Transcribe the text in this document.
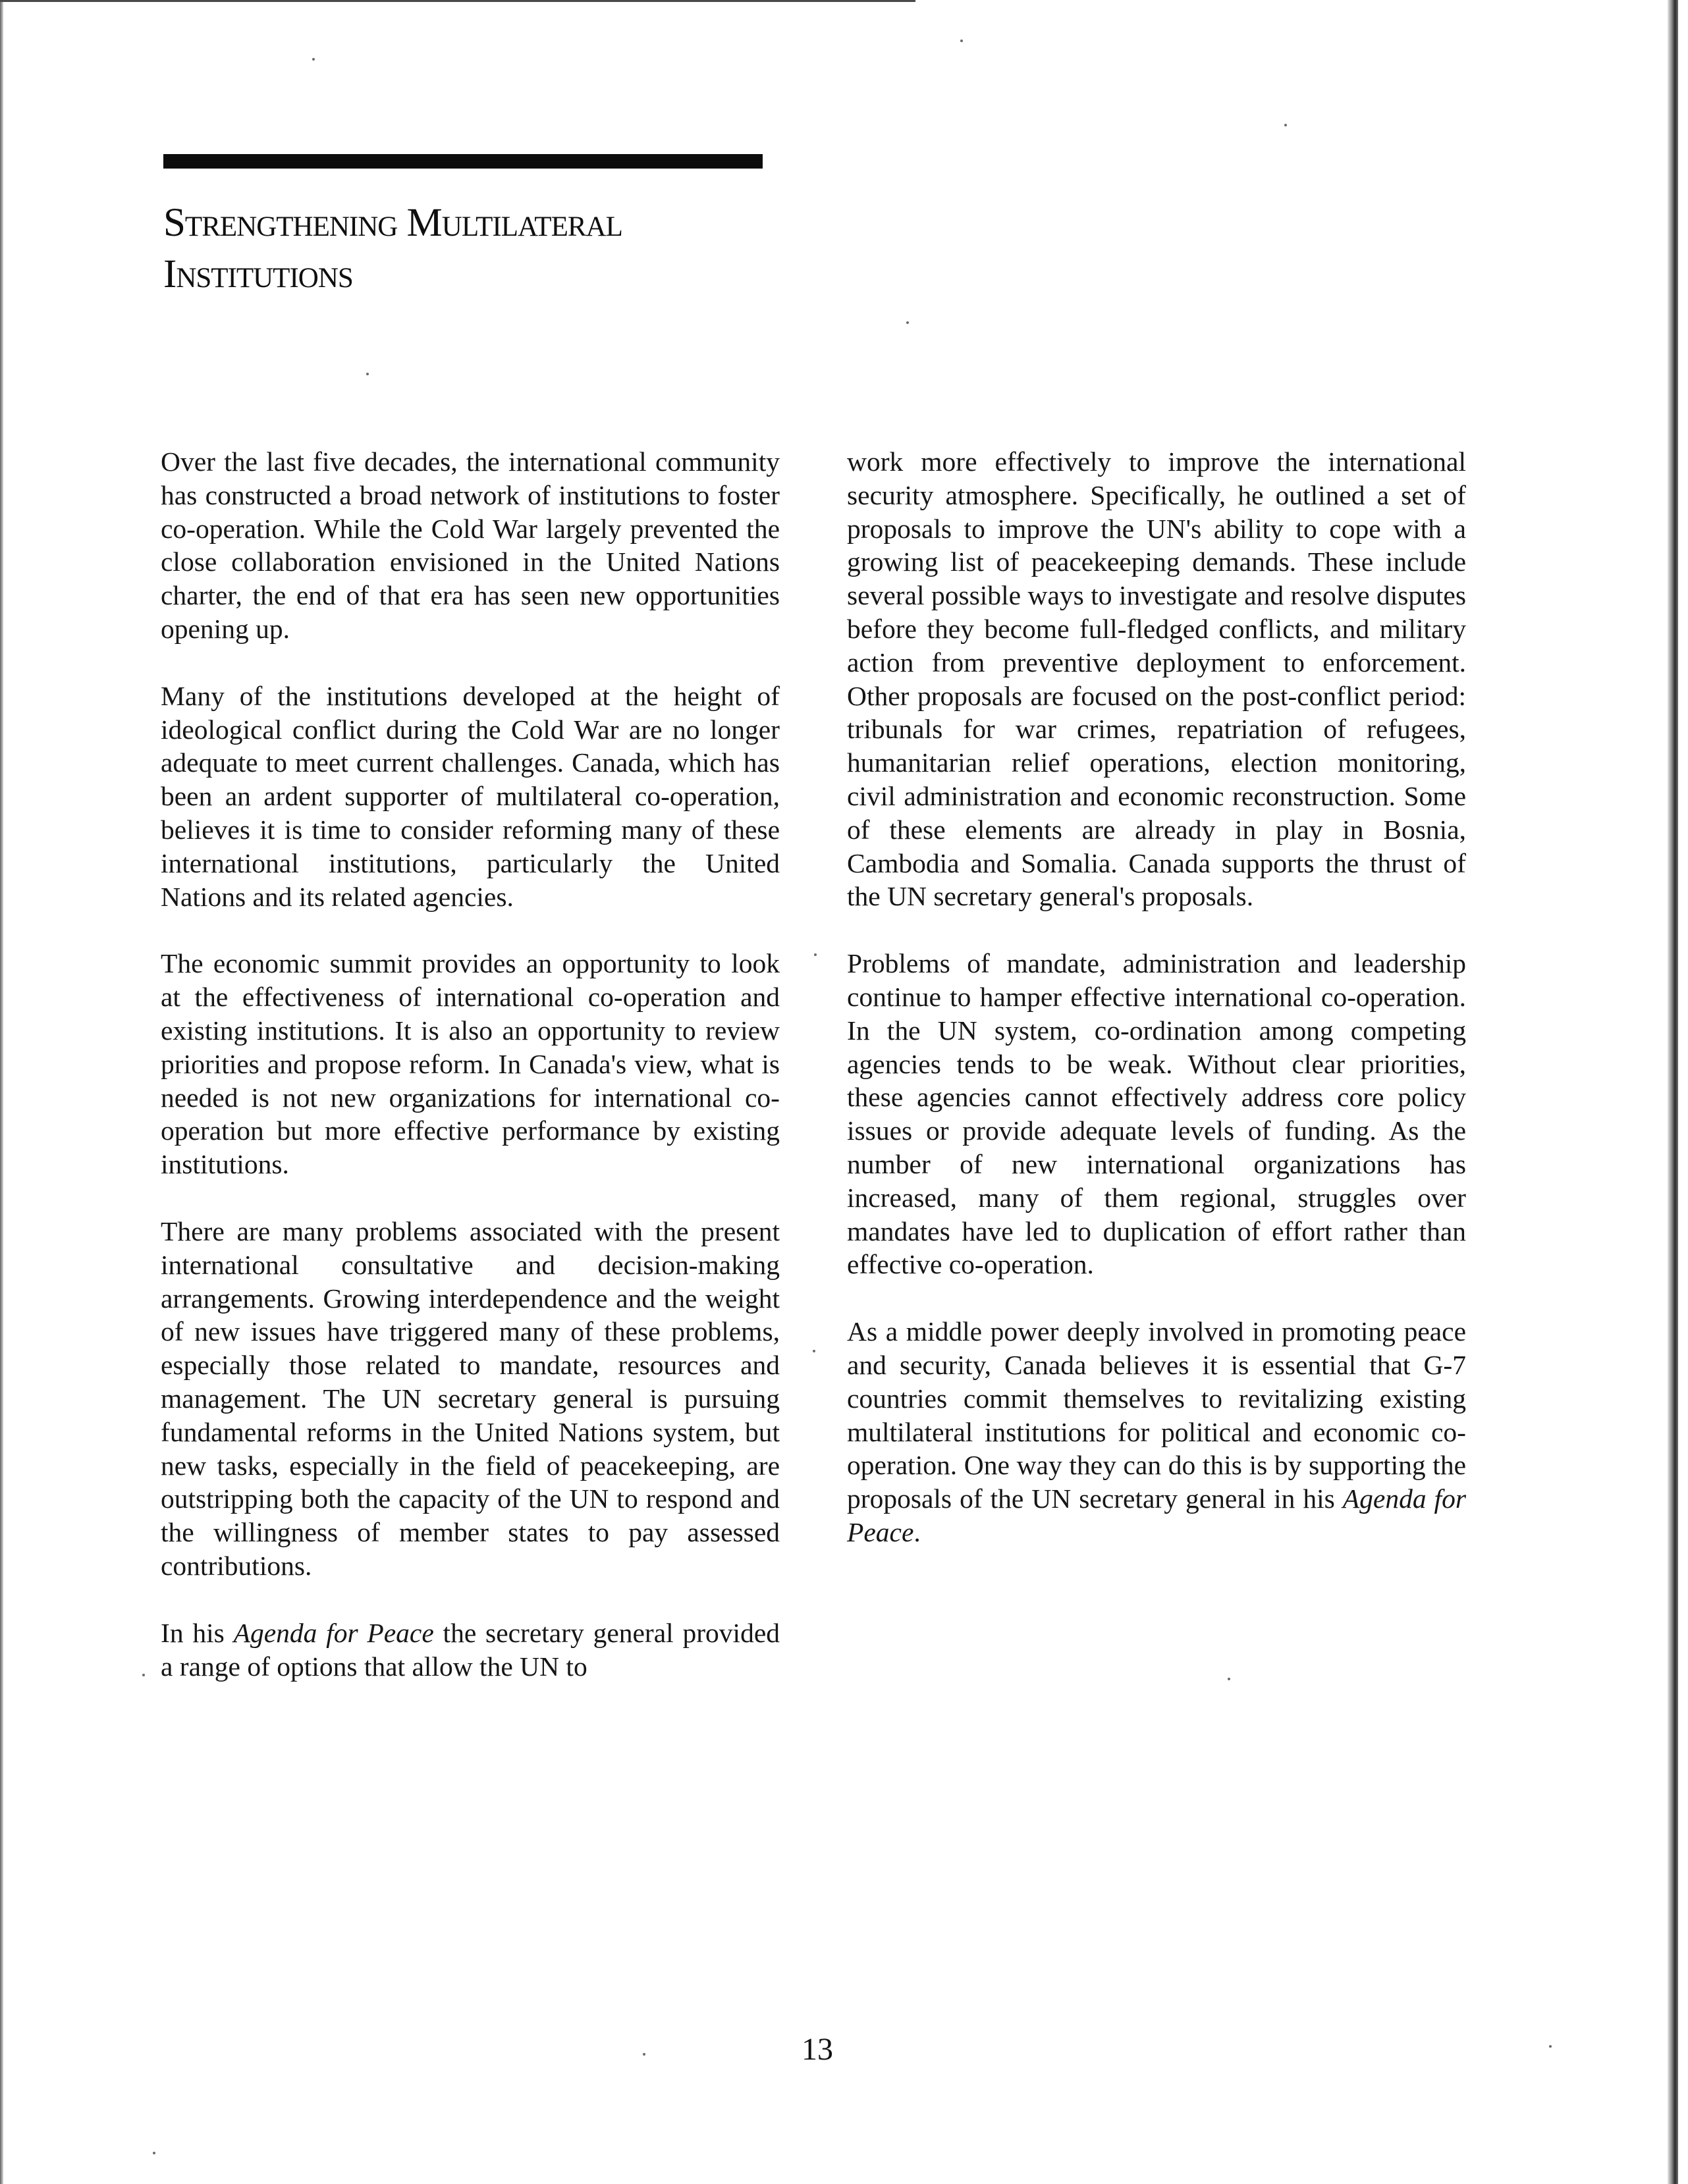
Strengthening Multilateral
Institutions

Over the last five decades, the international community has constructed a broad network of institutions to foster co-operation. While the Cold War largely prevented the close collaboration envisioned in the United Nations charter, the end of that era has seen new opportunities opening up.

Many of the institutions developed at the height of ideological conflict during the Cold War are no longer adequate to meet current challenges. Canada, which has been an ardent supporter of multilateral co-operation, believes it is time to consider reforming many of these international institutions, particularly the United Nations and its related agencies.

The economic summit provides an opportunity to look at the effectiveness of international co-operation and existing institutions. It is also an opportunity to review priorities and propose reform. In Canada's view, what is needed is not new organizations for international co-operation but more effective performance by existing institutions.

There are many problems associated with the present international consultative and decision-making arrangements. Growing interdependence and the weight of new issues have triggered many of these problems, especially those related to mandate, resources and management. The UN secretary general is pursuing fundamental reforms in the United Nations system, but new tasks, especially in the field of peacekeeping, are outstripping both the capacity of the UN to respond and the willingness of member states to pay assessed contributions.

In his Agenda for Peace the secretary general provided a range of options that allow the UN to

work more effectively to improve the international security atmosphere. Specifically, he outlined a set of proposals to improve the UN's ability to cope with a growing list of peacekeeping demands. These include several possible ways to investigate and resolve disputes before they become full-fledged conflicts, and military action from preventive deployment to enforcement. Other proposals are focused on the post-conflict period: tribunals for war crimes, repatriation of refugees, humanitarian relief operations, election monitoring, civil administration and economic reconstruction. Some of these elements are already in play in Bosnia, Cambodia and Somalia. Canada supports the thrust of the UN secretary general's proposals.

Problems of mandate, administration and leadership continue to hamper effective international co-operation. In the UN system, co-ordination among competing agencies tends to be weak. Without clear priorities, these agencies cannot effectively address core policy issues or provide adequate levels of funding. As the number of new international organizations has increased, many of them regional, struggles over mandates have led to duplication of effort rather than effective co-operation.

As a middle power deeply involved in promoting peace and security, Canada believes it is essential that G-7 countries commit themselves to revitalizing existing multilateral institutions for political and economic co-operation. One way they can do this is by supporting the proposals of the UN secretary general in his Agenda for Peace.

13
